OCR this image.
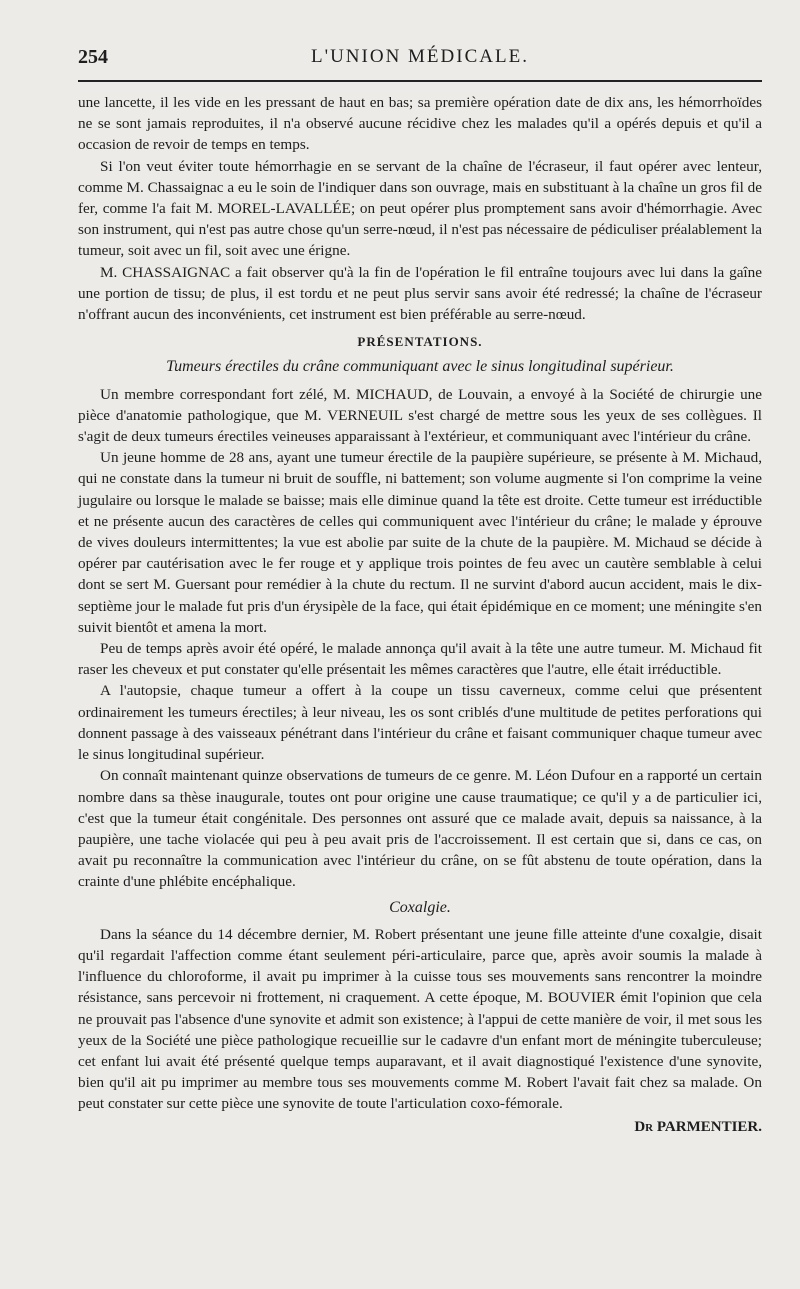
254	L'UNION MÉDICALE.

une lancette, il les vide en les pressant de haut en bas; sa première opération date de dix ans, les hémorrhoïdes ne se sont jamais reproduites, il n'a observé aucune récidive chez les malades qu'il a opérés depuis et qu'il a occasion de revoir de temps en temps.

Si l'on veut éviter toute hémorrhagie en se servant de la chaîne de l'écraseur, il faut opérer avec lenteur, comme M. Chassaignac a eu le soin de l'indiquer dans son ouvrage, mais en substituant à la chaîne un gros fil de fer, comme l'a fait M. MOREL-LAVALLÉE; on peut opérer plus promptement sans avoir d'hémorrhagie. Avec son instrument, qui n'est pas autre chose qu'un serre-nœud, il n'est pas nécessaire de pédiculiser préalablement la tumeur, soit avec un fil, soit avec une érigne.

M. CHASSAIGNAC a fait observer qu'à la fin de l'opération le fil entraîne toujours avec lui dans la gaîne une portion de tissu; de plus, il est tordu et ne peut plus servir sans avoir été redressé; la chaîne de l'écraseur n'offrant aucun des inconvénients, cet instrument est bien préférable au serre-nœud.

PRÉSENTATIONS.
Tumeurs érectiles du crâne communiquant avec le sinus longitudinal supérieur.

Un membre correspondant fort zélé, M. MICHAUD, de Louvain, a envoyé à la Société de chirurgie une pièce d'anatomie pathologique, que M. VERNEUIL s'est chargé de mettre sous les yeux de ses collègues. Il s'agit de deux tumeurs érectiles veineuses apparaissant à l'extérieur, et communiquant avec l'intérieur du crâne.

Un jeune homme de 28 ans, ayant une tumeur érectile de la paupière supérieure, se présente à M. Michaud, qui ne constate dans la tumeur ni bruit de souffle, ni battement; son volume augmente si l'on comprime la veine jugulaire ou lorsque le malade se baisse; mais elle diminue quand la tête est droite. Cette tumeur est irréductible et ne présente aucun des caractères de celles qui communiquent avec l'intérieur du crâne; le malade y éprouve de vives douleurs intermittentes; la vue est abolie par suite de la chute de la paupière. M. Michaud se décide à opérer par cautérisation avec le fer rouge et y applique trois pointes de feu avec un cautère semblable à celui dont se sert M. Guersant pour remédier à la chute du rectum. Il ne survint d'abord aucun accident, mais le dix-septième jour le malade fut pris d'un érysipèle de la face, qui était épidémique en ce moment; une méningite s'en suivit bientôt et amena la mort.

Peu de temps après avoir été opéré, le malade annonça qu'il avait à la tête une autre tumeur. M. Michaud fit raser les cheveux et put constater qu'elle présentait les mêmes caractères que l'autre, elle était irréductible.

A l'autopsie, chaque tumeur a offert à la coupe un tissu caverneux, comme celui que présentent ordinairement les tumeurs érectiles; à leur niveau, les os sont criblés d'une multitude de petites perforations qui donnent passage à des vaisseaux pénétrant dans l'intérieur du crâne et faisant communiquer chaque tumeur avec le sinus longitudinal supérieur.

On connaît maintenant quinze observations de tumeurs de ce genre. M. Léon Dufour en a rapporté un certain nombre dans sa thèse inaugurale, toutes ont pour origine une cause traumatique; ce qu'il y a de particulier ici, c'est que la tumeur était congénitale. Des personnes ont assuré que ce malade avait, depuis sa naissance, à la paupière, une tache violacée qui peu à peu avait pris de l'accroissement. Il est certain que si, dans ce cas, on avait pu reconnaître la communication avec l'intérieur du crâne, on se fût abstenu de toute opération, dans la crainte d'une phlébite encéphalique.

Coxalgie.

Dans la séance du 14 décembre dernier, M. Robert présentant une jeune fille atteinte d'une coxalgie, disait qu'il regardait l'affection comme étant seulement péri-articulaire, parce que, après avoir soumis la malade à l'influence du chloroforme, il avait pu imprimer à la cuisse tous ses mouvements sans rencontrer la moindre résistance, sans percevoir ni frottement, ni craquement. A cette époque, M. BOUVIER émit l'opinion que cela ne prouvait pas l'absence d'une synovite et admit son existence; à l'appui de cette manière de voir, il met sous les yeux de la Société une pièce pathologique recueillie sur le cadavre d'un enfant mort de méningite tuberculeuse; cet enfant lui avait été présenté quelque temps auparavant, et il avait diagnostiqué l'existence d'une synovite, bien qu'il ait pu imprimer au membre tous ses mouvements comme M. Robert l'avait fait chez sa malade. On peut constater sur cette pièce une synovite de toute l'articulation coxo-fémorale.

Dr PARMENTIER.
